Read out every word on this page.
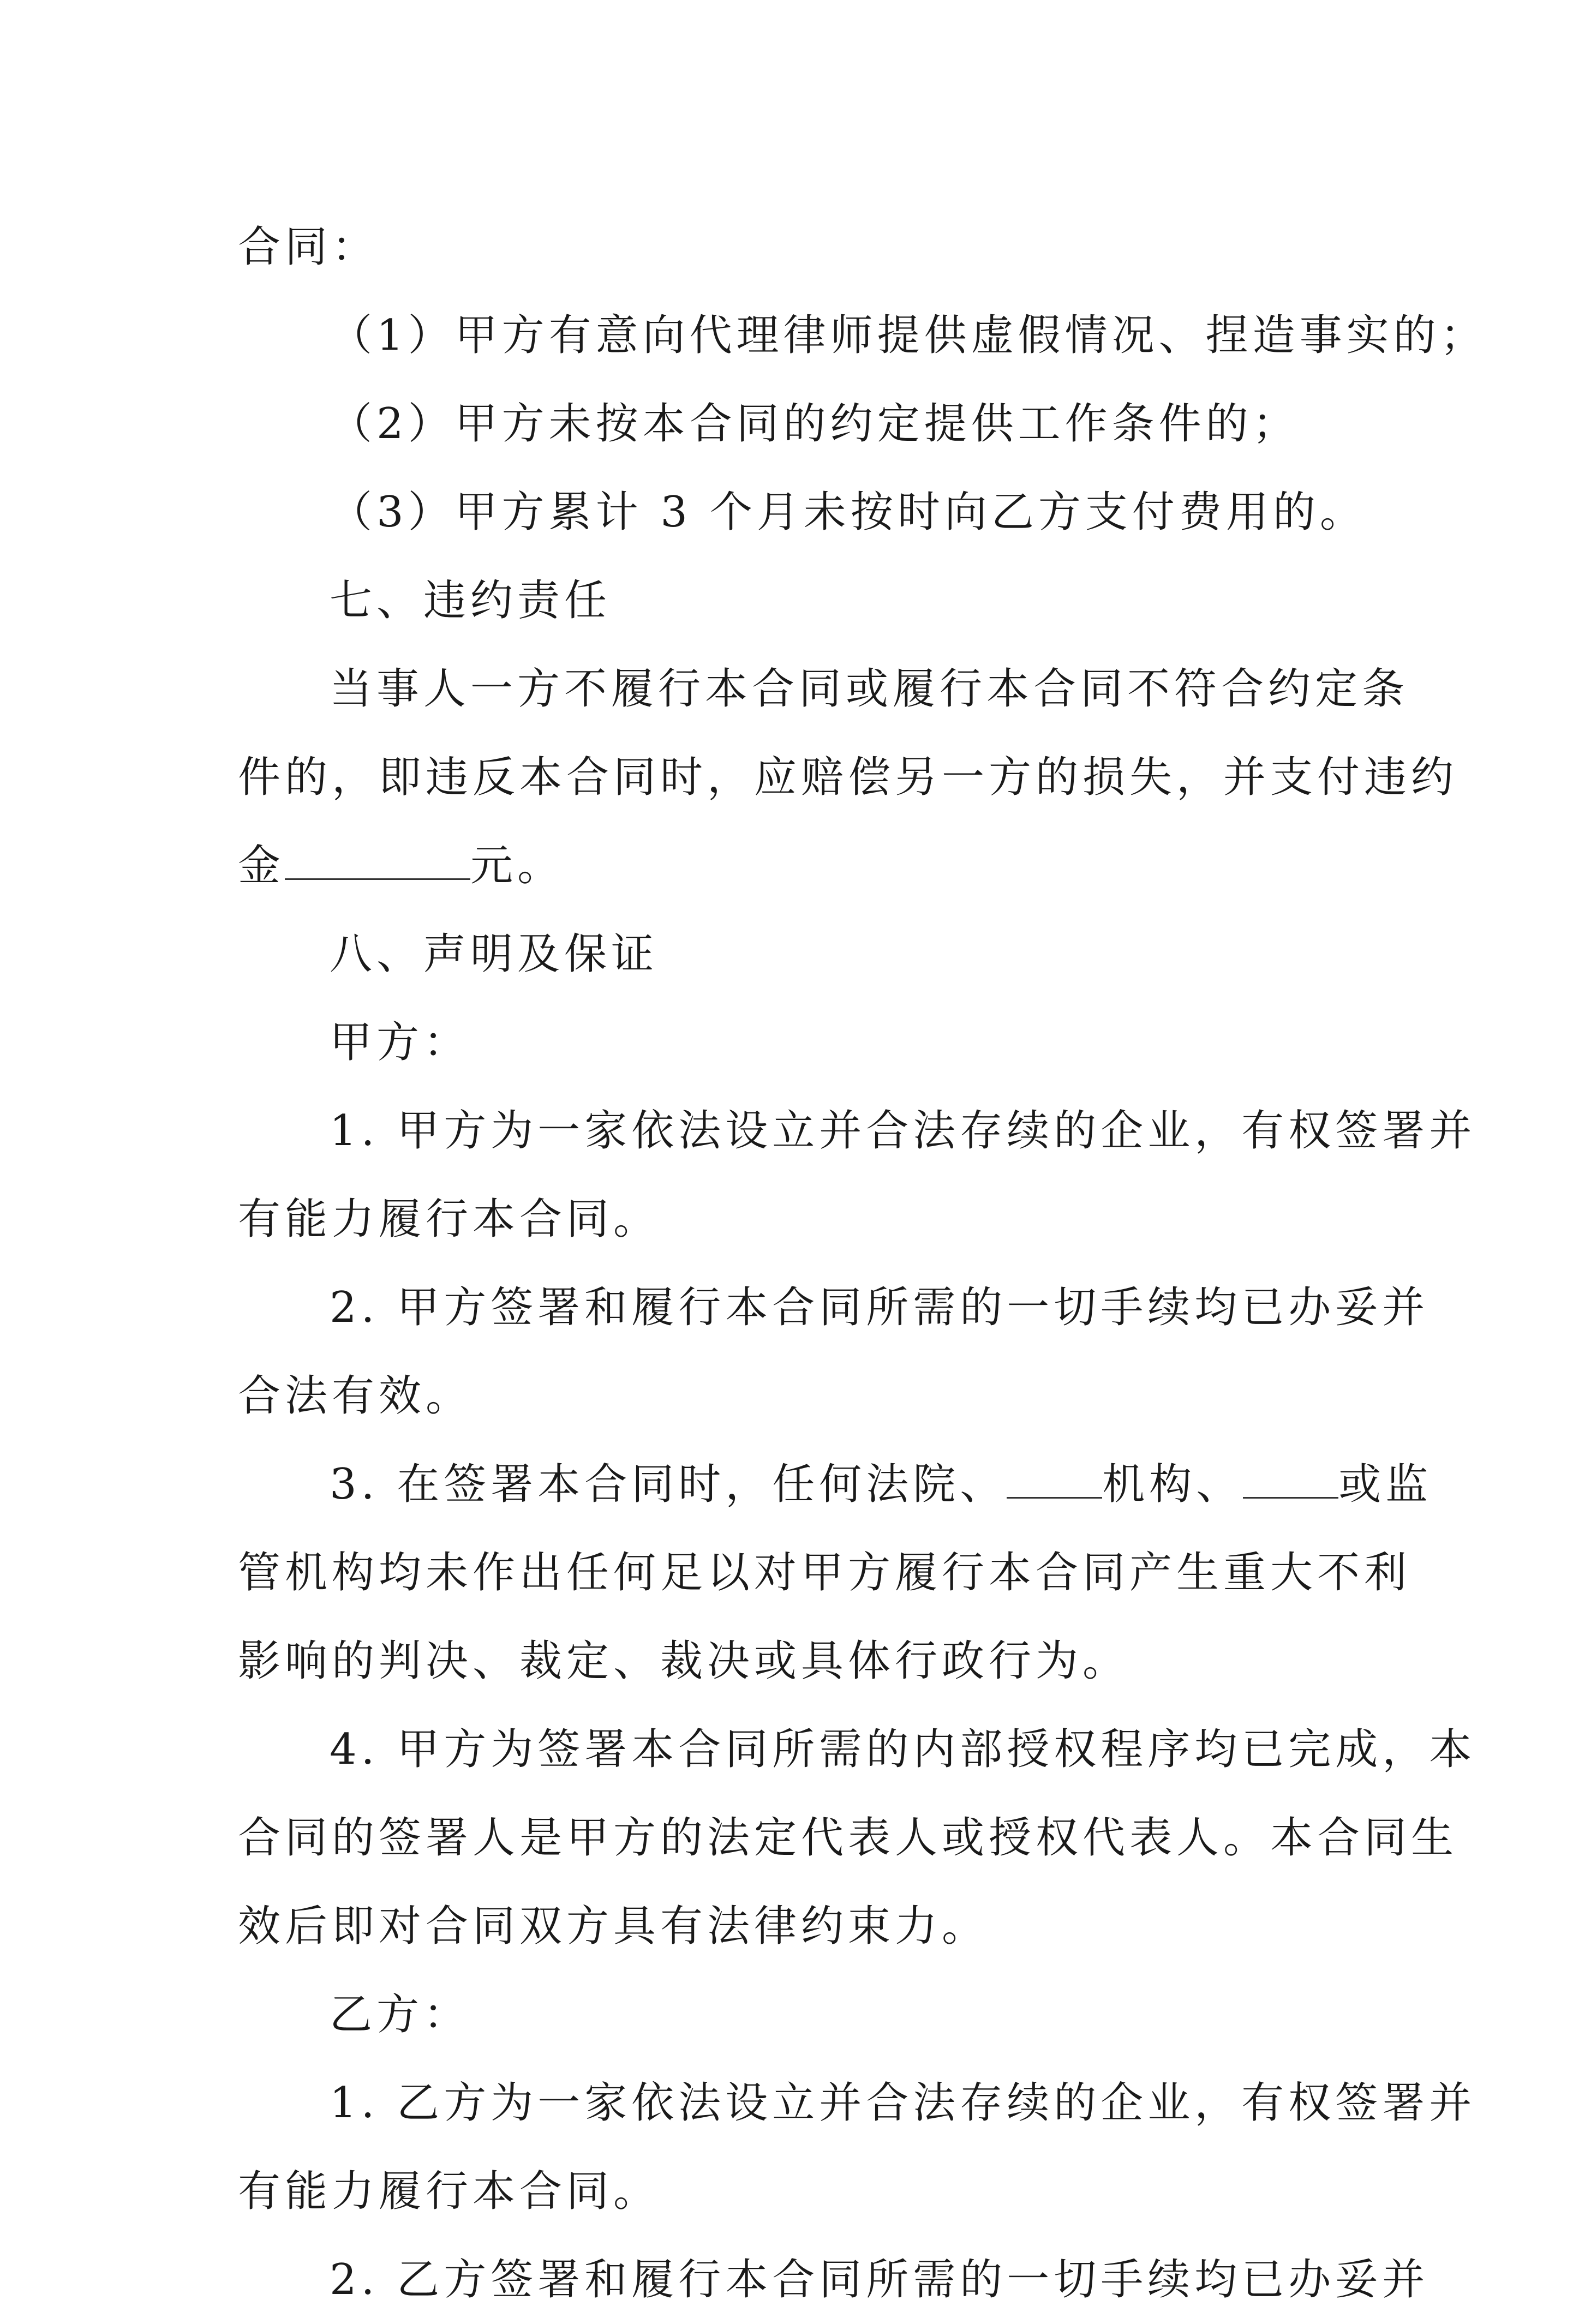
合同：

（1）甲方有意向代理律师提供虚假情况、捏造事实的；

（2）甲方未按本合同的约定提供工作条件的；

（3）甲方累计 3 个月未按时向乙方支付费用的。

七、违约责任

当事人一方不履行本合同或履行本合同不符合约定条

件的，即违反本合同时，应赔偿另一方的损失，并支付违约

金	元。

八、声明及保证

甲方：

1. 甲方为一家依法设立并合法存续的企业，有权签署并

有能力履行本合同。

2. 甲方签署和履行本合同所需的一切手续均已办妥并

合法有效。

3. 在签署本合同时，任何法院、 机构、 或监

管机构均未作出任何足以对甲方履行本合同产生重大不利

影响的判决、裁定、裁决或具体行政行为。

4. 甲方为签署本合同所需的内部授权程序均已完成，本

合同的签署人是甲方的法定代表人或授权代表人。本合同生

效后即对合同双方具有法律约束力。

乙方：

1. 乙方为一家依法设立并合法存续的企业，有权签署并

有能力履行本合同。

2. 乙方签署和履行本合同所需的一切手续均已办妥并
